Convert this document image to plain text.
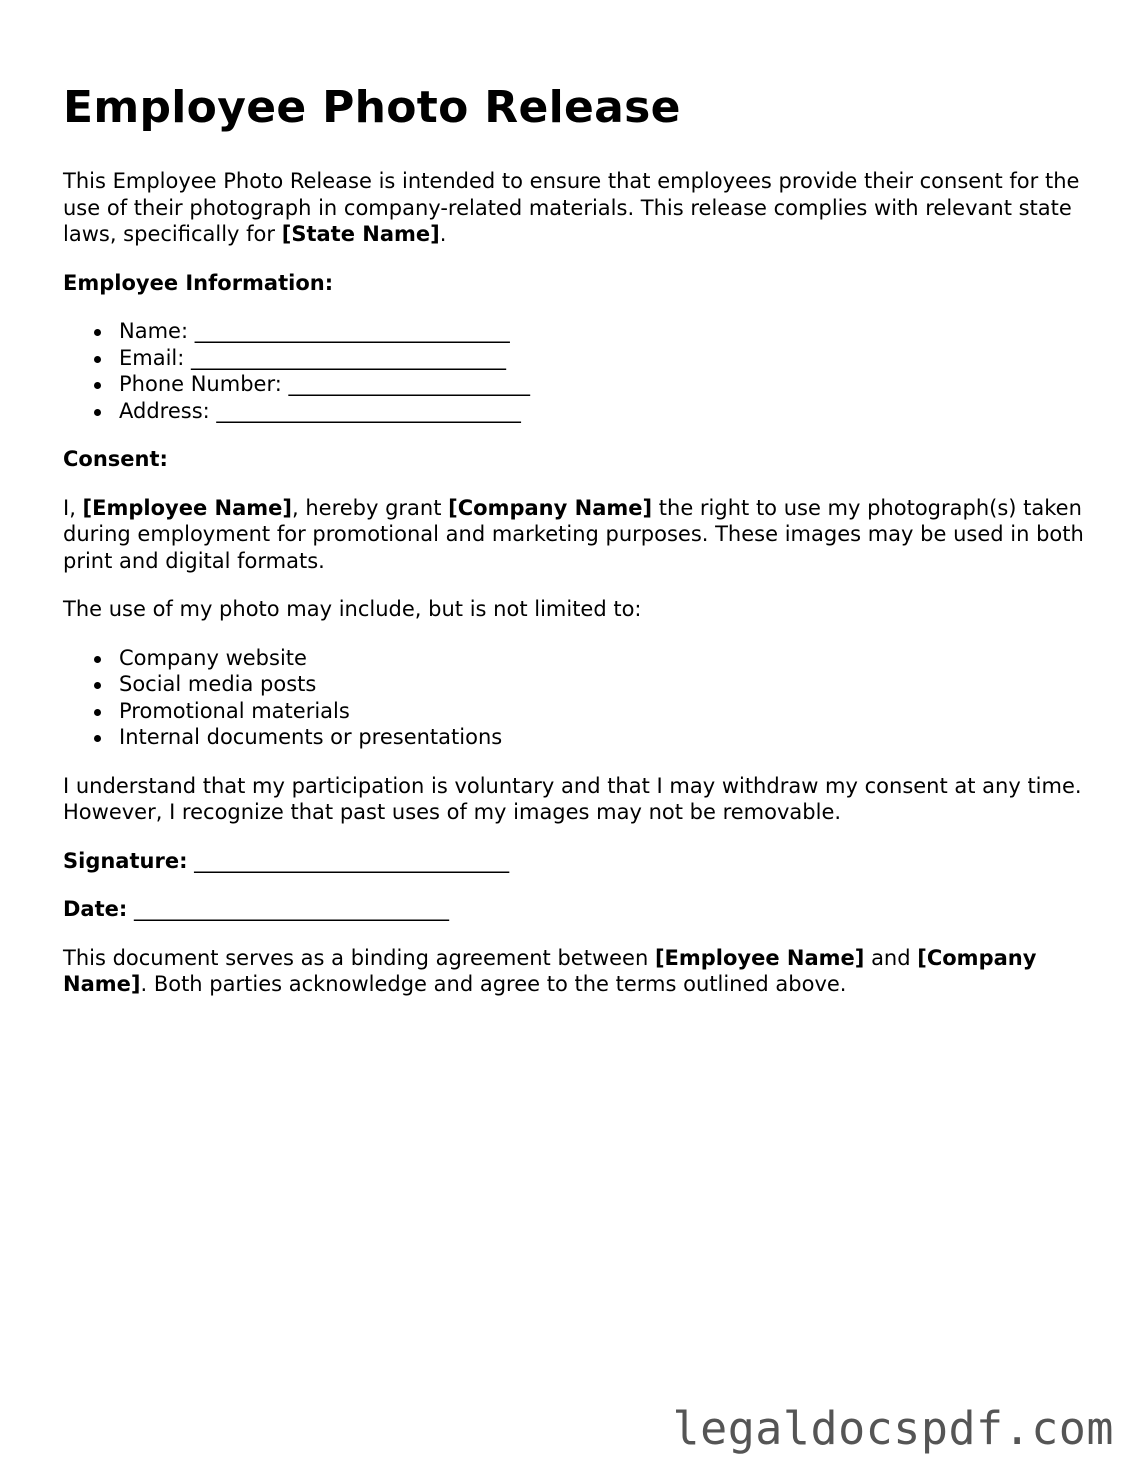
Employee Photo Release

This Employee Photo Release is intended to ensure that employees provide their consent for the use of their photograph in company-related materials. This release complies with relevant state laws, specifically for [State Name].

Employee Information:

Name: ______________________________
Email: ______________________________
Phone Number: _______________________
Address: _____________________________

Consent:

I, [Employee Name], hereby grant [Company Name] the right to use my photograph(s) taken during employment for promotional and marketing purposes. These images may be used in both print and digital formats.

The use of my photo may include, but is not limited to:

Company website
Social media posts
Promotional materials
Internal documents or presentations

I understand that my participation is voluntary and that I may withdraw my consent at any time. However, I recognize that past uses of my images may not be removable.

Signature: ______________________________

Date: ______________________________

This document serves as a binding agreement between [Employee Name] and [Company Name]. Both parties acknowledge and agree to the terms outlined above.

legaldocspdf.com
